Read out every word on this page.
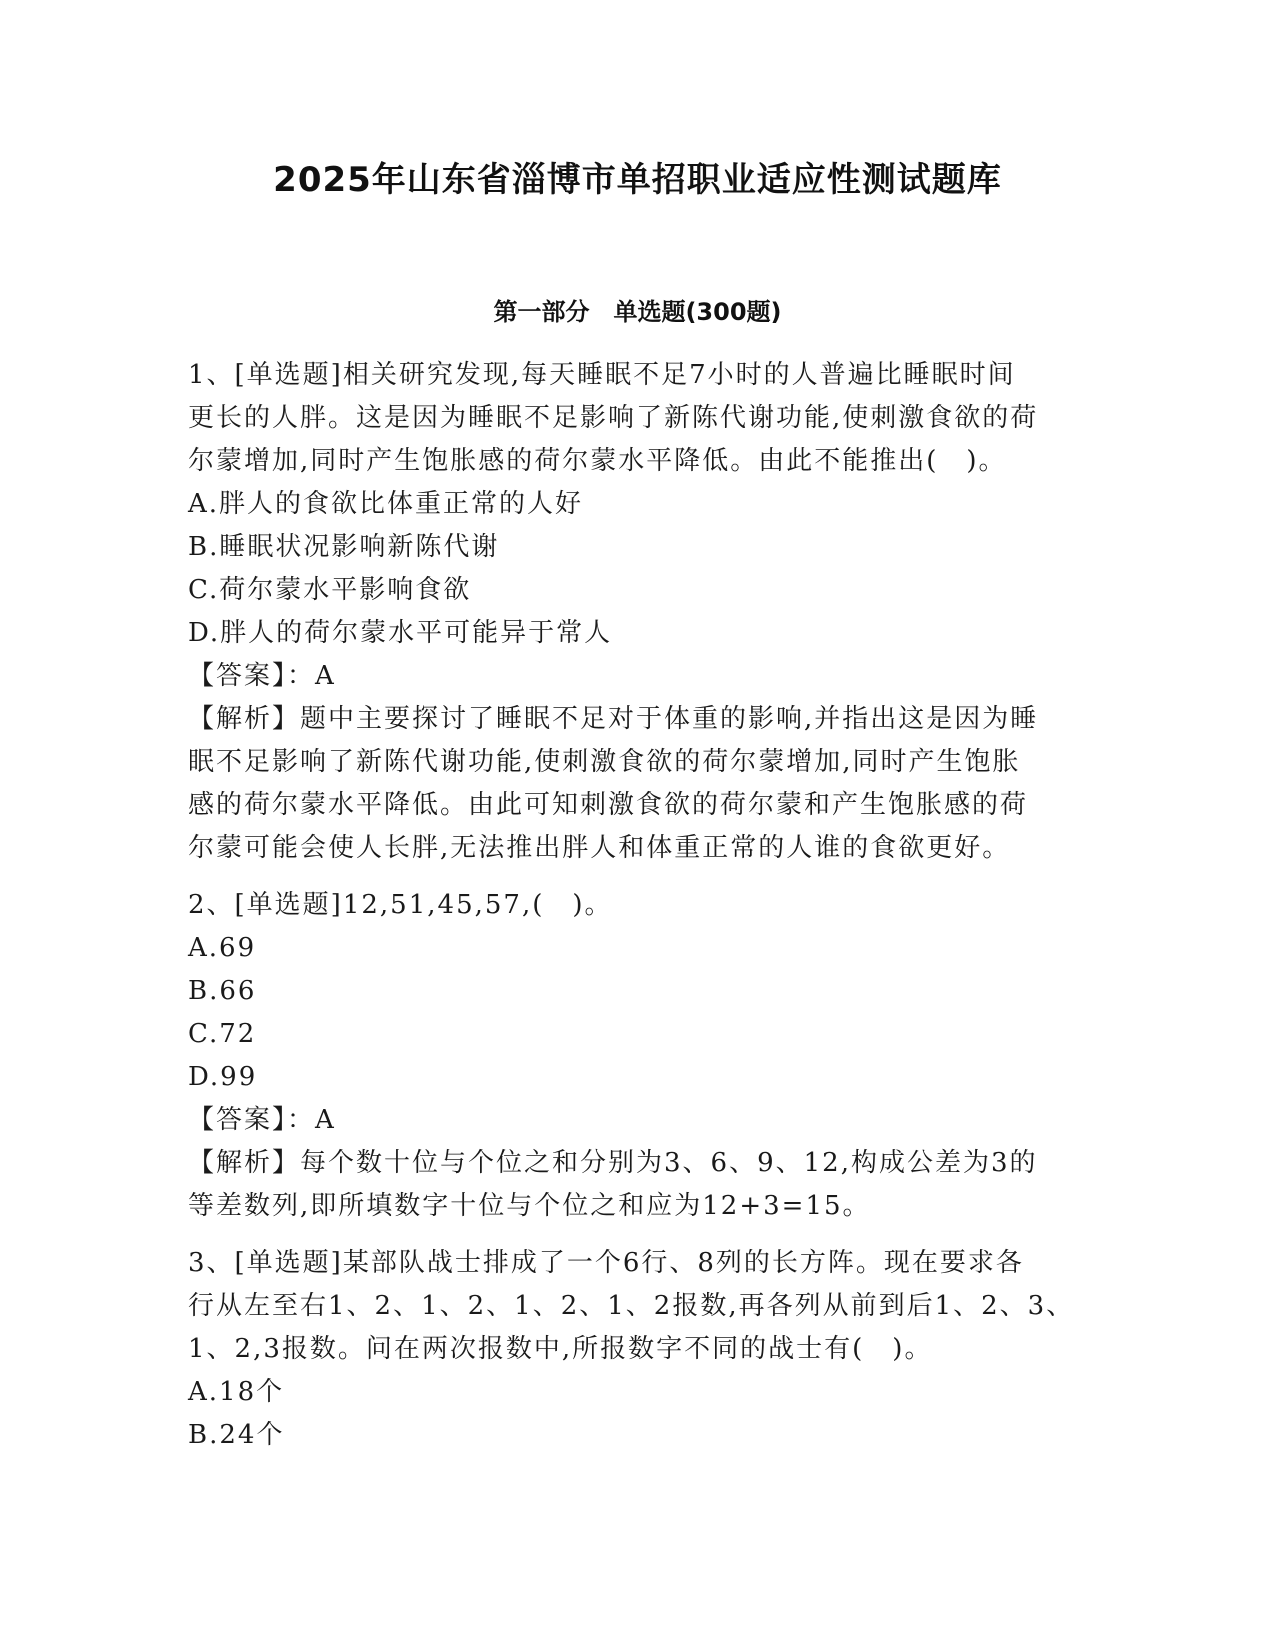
2025年山东省淄博市单招职业适应性测试题库
第一部分　单选题(300题)
1、[单选题]相关研究发现,每天睡眠不足7小时的人普遍比睡眠时间
更长的人胖。这是因为睡眠不足影响了新陈代谢功能,使刺激食欲的荷
尔蒙增加,同时产生饱胀感的荷尔蒙水平降低。由此不能推出(　)。
A.胖人的食欲比体重正常的人好
B.睡眠状况影响新陈代谢
C.荷尔蒙水平影响食欲
D.胖人的荷尔蒙水平可能异于常人
【答案】：A
【解析】题中主要探讨了睡眠不足对于体重的影响,并指出这是因为睡
眠不足影响了新陈代谢功能,使刺激食欲的荷尔蒙增加,同时产生饱胀
感的荷尔蒙水平降低。由此可知刺激食欲的荷尔蒙和产生饱胀感的荷
尔蒙可能会使人长胖,无法推出胖人和体重正常的人谁的食欲更好。
2、[单选题]12,51,45,57,(　)。
A.69
B.66
C.72
D.99
【答案】：A
【解析】每个数十位与个位之和分别为3、6、9、12,构成公差为3的
等差数列,即所填数字十位与个位之和应为12+3=15。
3、[单选题]某部队战士排成了一个6行、8列的长方阵。现在要求各
行从左至右1、2、1、2、1、2、1、2报数,再各列从前到后1、2、3、
1、2,3报数。问在两次报数中,所报数字不同的战士有(　)。
A.18个
B.24个
